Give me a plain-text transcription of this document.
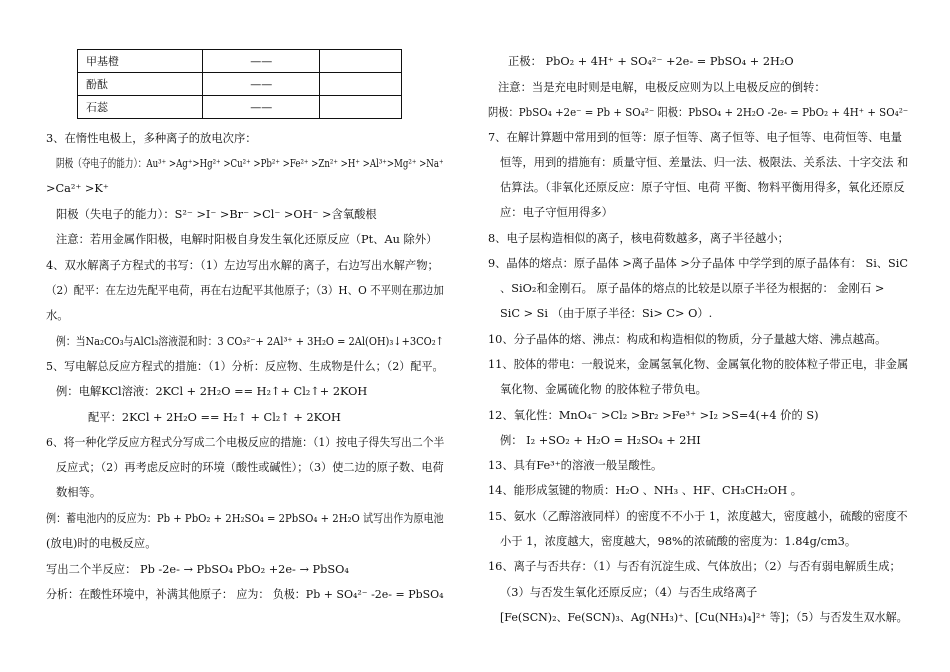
甲基橙	——	
酚酞	——	
石蕊	——	
3、在惰性电极上，多种离子的放电次序：
阴极（夺电子的能力）：Au³⁺ >Ag⁺>Hg²⁺ >Cu²⁺ >Pb²⁺ >Fe²⁺ >Zn²⁺ >H⁺ >Al³⁺>Mg²⁺ >Na⁺
>Ca²⁺ >K⁺
阳极（失电子的能力）：S²⁻ >I⁻ >Br⁻ >Cl⁻ >OH⁻ >含氧酸根
注意：若用金属作阳极，电解时阳极自身发生氧化还原反应（Pt、Au 除外）
4、双水解离子方程式的书写：（1）左边写出水解的离子，右边写出水解产物；
（2）配平：在左边先配平电荷，再在右边配平其他原子；（3）H、O 不平则在那边加
水。
例：当Na₂CO₃与AlCl₃溶液混和时：3 CO₃²⁻+ 2Al³⁺ + 3H₂O = 2Al(OH)₃↓+3CO₂↑
5、写电解总反应方程式的措施：（1）分析：反应物、生成物是什么；（2）配平。
例：电解KCl溶液：2KCl + 2H₂O == H₂↑+ Cl₂↑+ 2KOH
配平：2KCl + 2H₂O == H₂↑ + Cl₂↑ + 2KOH
6、将一种化学反应方程式分写成二个电极反应的措施：（1）按电子得失写出二个半
反应式；（2）再考虑反应时的环境（酸性或碱性）；（3）使二边的原子数、电荷
数相等。
例：蓄电池内的反应为：Pb + PbO₂ + 2H₂SO₄ = 2PbSO₄ + 2H₂O 试写出作为原电池
(放电)时的电极反应。
写出二个半反应： Pb -2e- → PbSO₄ PbO₂ +2e- → PbSO₄
分析：在酸性环境中，补满其他原子： 应为： 负极：Pb + SO₄²⁻ -2e- = PbSO₄
正极： PbO₂ + 4H⁺ + SO₄²⁻ +2e- = PbSO₄ + 2H₂O
注意：当是充电时则是电解，电极反应则为以上电极反应的倒转：
阴极：PbSO₄ +2e⁻ = Pb + SO₄²⁻ 阳极：PbSO₄ + 2H₂O -2e- = PbO₂ + 4H⁺ + SO₄²⁻
7、在解计算题中常用到的恒等：原子恒等、离子恒等、电子恒等、电荷恒等、电量
恒等，用到的措施有：质量守恒、差量法、归一法、极限法、关系法、十字交法 和
估算法。（非氧化还原反应：原子守恒、电荷 平衡、物料平衡用得多，氧化还原反
应：电子守恒用得多）
8、电子层构造相似的离子，核电荷数越多，离子半径越小；
9、晶体的熔点：原子晶体 >离子晶体 >分子晶体 中学学到的原子晶体有： Si、SiC
、SiO₂和金刚石。 原子晶体的熔点的比较是以原子半径为根据的： 金刚石 >
SiC > Si （由于原子半径：Si> C> O）.
10、分子晶体的熔、沸点：构成和构造相似的物质，分子量越大熔、沸点越高。
11、胶体的带电：一般说来，金属氢氧化物、金属氧化物的胶体粒子带正电，非金属
氧化物、金属硫化物 的胶体粒子带负电。
12、氧化性：MnO₄⁻ >Cl₂ >Br₂ >Fe³⁺ >I₂ >S=4(+4 价的 S)
例： I₂ +SO₂ + H₂O = H₂SO₄ + 2HI
13、具有Fe³⁺的溶液一般呈酸性。
14、能形成氢键的物质：H₂O 、NH₃ 、HF、CH₃CH₂OH 。
15、氨水（乙醇溶液同样）的密度不不小于 1，浓度越大，密度越小，硫酸的密度不
小于 1，浓度越大，密度越大，98%的浓硫酸的密度为：1.84g/cm3。
16、离子与否共存：（1）与否有沉淀生成、气体放出；（2）与否有弱电解质生成；
（3）与否发生氧化还原反应；（4）与否生成络离子
[Fe(SCN)₂、Fe(SCN)₃、Ag(NH₃)⁺、[Cu(NH₃)₄]²⁺ 等]；（5）与否发生双水解。
